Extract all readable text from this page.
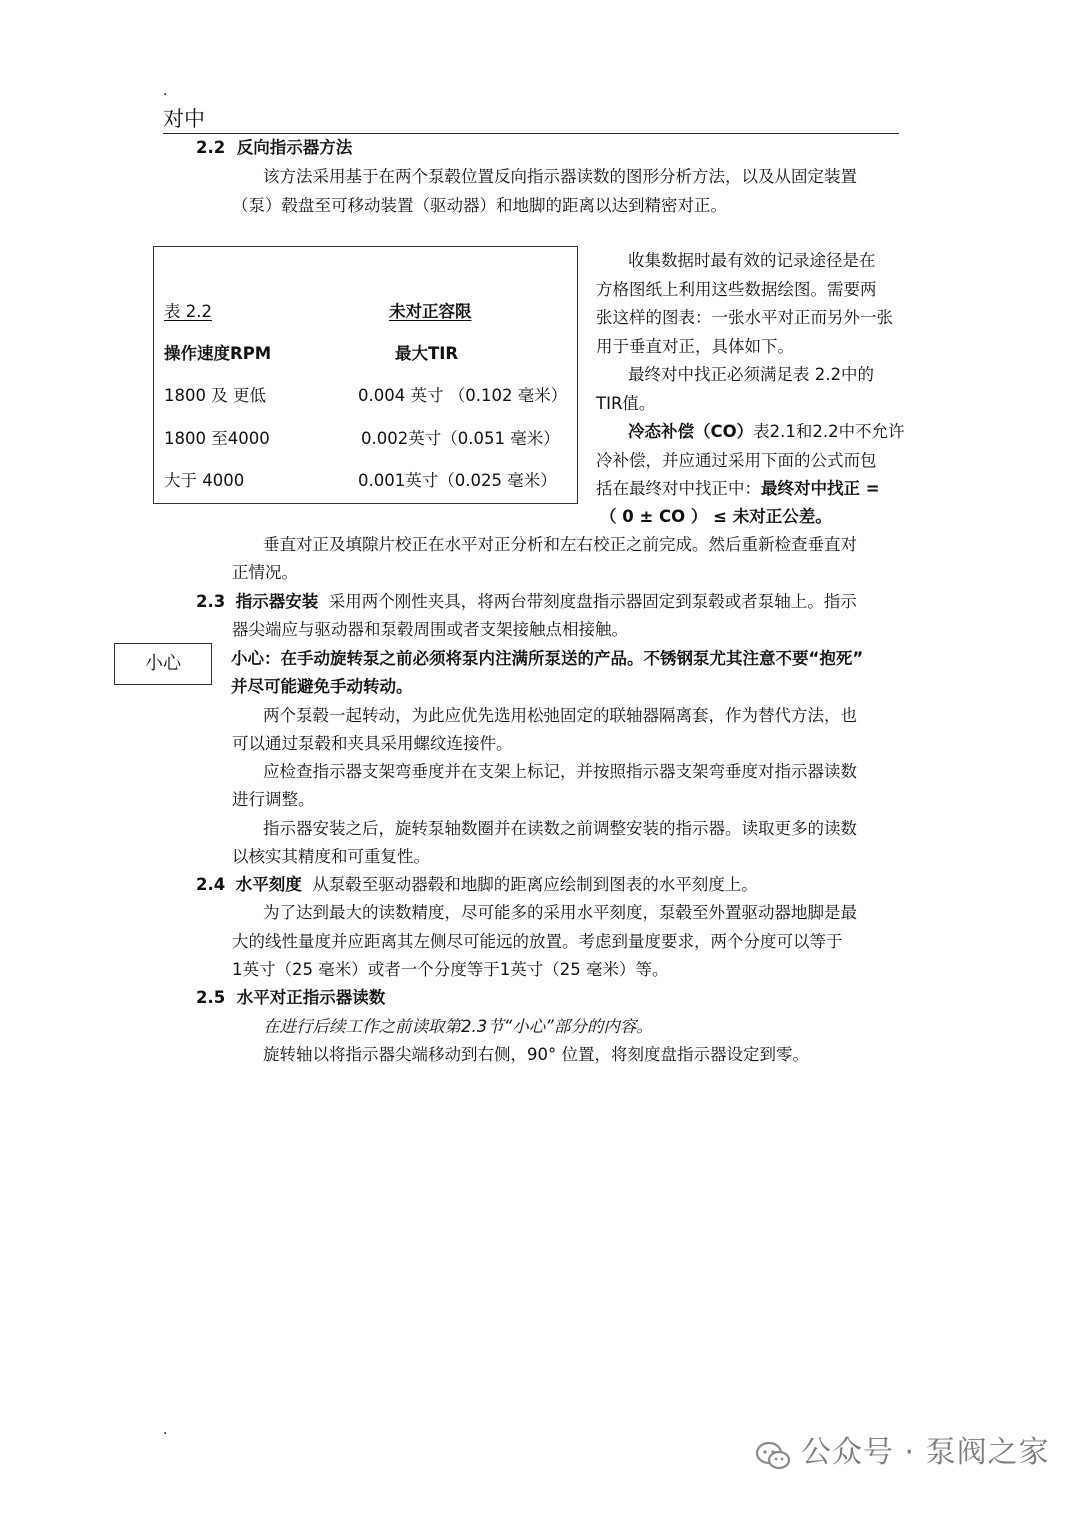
.
对中
2.2 反向指示器方法
该方法采用基于在两个泵毂位置反向指示器读数的图形分析方法，以及从固定装置
（泵）毂盘至可移动装置（驱动器）和地脚的距离以达到精密对正。
表 2.2	未对正容限
操作速度RPM	最大TIR
1800 及 更低	0.004 英寸 （0.102 毫米）
1800 至4000	0.002英寸（0.051 毫米）
大于 4000	0.001英寸（0.025 毫米）
收集数据时最有效的记录途径是在
方格图纸上利用这些数据绘图。需要两
张这样的图表：一张水平对正而另外一张
用于垂直对正，具体如下。
最终对中找正必须满足表 2.2中的
TIR值。
冷态补偿（CO）表2.1和2.2中不允许
冷补偿，并应通过采用下面的公式而包
括在最终对中找正中：最终对中找正 =
（ 0 ± CO ） ≤ 未对正公差。
垂直对正及填隙片校正在水平对正分析和左右校正之前完成。然后重新检查垂直对
正情况。
2.3 指示器安装 采用两个刚性夹具，将两台带刻度盘指示器固定到泵毂或者泵轴上。指示
器尖端应与驱动器和泵毂周围或者支架接触点相接触。
小心	小心：在手动旋转泵之前必须将泵内注满所泵送的产品。不锈钢泵尤其注意不要“抱死”
并尽可能避免手动转动。
两个泵毂一起转动，为此应优先选用松弛固定的联轴器隔离套，作为替代方法，也
可以通过泵毂和夹具采用螺纹连接件。
应检查指示器支架弯垂度并在支架上标记，并按照指示器支架弯垂度对指示器读数
进行调整。
指示器安装之后，旋转泵轴数圈并在读数之前调整安装的指示器。读取更多的读数
以核实其精度和可重复性。
2.4 水平刻度 从泵毂至驱动器毂和地脚的距离应绘制到图表的水平刻度上。
为了达到最大的读数精度，尽可能多的采用水平刻度，泵毂至外置驱动器地脚是最
大的线性量度并应距离其左侧尽可能远的放置。考虑到量度要求，两个分度可以等于
1英寸（25 毫米）或者一个分度等于1英寸（25 毫米）等。
2.5 水平对正指示器读数
在进行后续工作之前读取第2.3节“小心”部分的内容。
旋转轴以将指示器尖端移动到右侧，90° 位置，将刻度盘指示器设定到零。
.
公众号 · 泵阀之家
